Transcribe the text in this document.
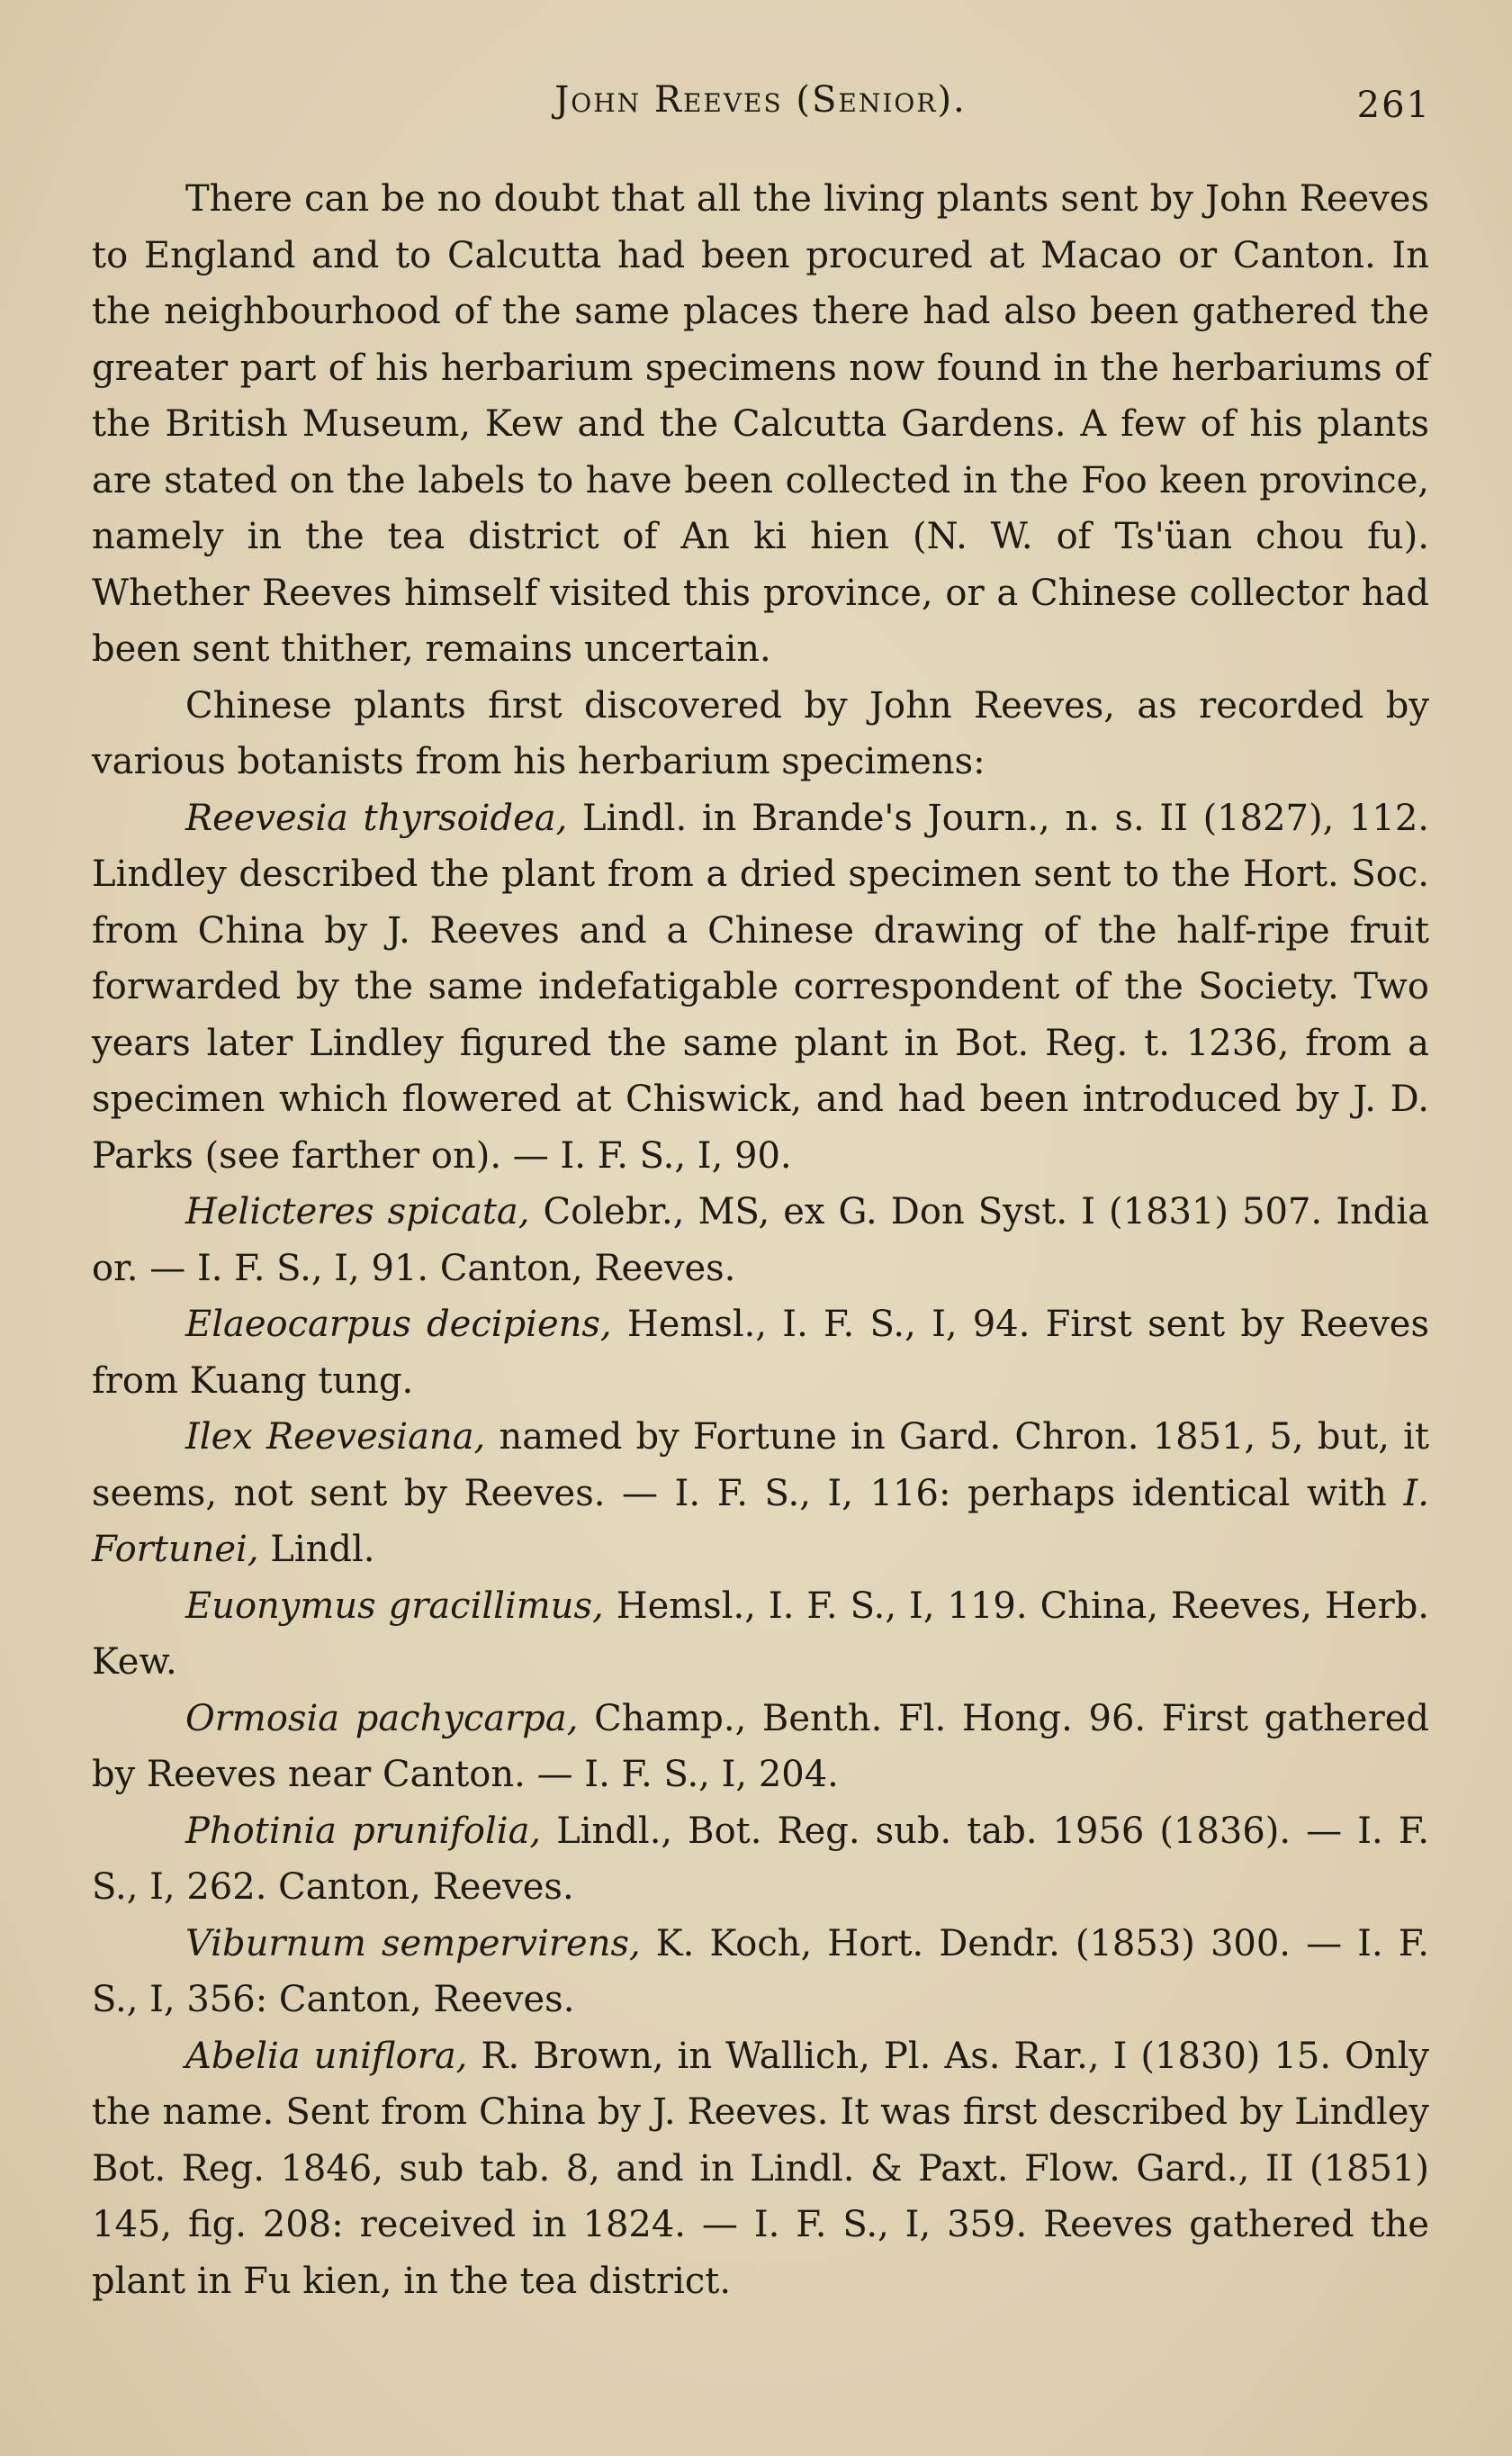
John Reeves (Senior).	261

There can be no doubt that all the living plants sent by John Reeves to England and to Calcutta had been procured at Macao or Canton. In the neighbourhood of the same places there had also been gathered the greater part of his herbarium specimens now found in the herbariums of the British Museum, Kew and the Calcutta Gardens. A few of his plants are stated on the labels to have been collected in the Foo keen province, namely in the tea district of An ki hien (N. W. of Ts'üan chou fu). Whether Reeves himself visited this province, or a Chinese collector had been sent thither, remains uncertain.

Chinese plants first discovered by John Reeves, as recorded by various botanists from his herbarium specimens:

Reevesia thyrsoidea, Lindl. in Brande's Journ., n. s. II (1827), 112. Lindley described the plant from a dried specimen sent to the Hort. Soc. from China by J. Reeves and a Chinese drawing of the half-ripe fruit forwarded by the same indefatigable correspondent of the Society. Two years later Lindley figured the same plant in Bot. Reg. t. 1236, from a specimen which flowered at Chiswick, and had been introduced by J. D. Parks (see farther on). — I. F. S., I, 90.

Helicteres spicata, Colebr., MS, ex G. Don Syst. I (1831) 507. India or. — I. F. S., I, 91. Canton, Reeves.

Elaeocarpus decipiens, Hemsl., I. F. S., I, 94. First sent by Reeves from Kuang tung.

Ilex Reevesiana, named by Fortune in Gard. Chron. 1851, 5, but, it seems, not sent by Reeves. — I. F. S., I, 116: perhaps identical with I. Fortunei, Lindl.

Euonymus gracillimus, Hemsl., I. F. S., I, 119. China, Reeves, Herb. Kew.

Ormosia pachycarpa, Champ., Benth. Fl. Hong. 96. First gathered by Reeves near Canton. — I. F. S., I, 204.

Photinia prunifolia, Lindl., Bot. Reg. sub. tab. 1956 (1836). — I. F. S., I, 262. Canton, Reeves.

Viburnum sempervirens, K. Koch, Hort. Dendr. (1853) 300. — I. F. S., I, 356: Canton, Reeves.

Abelia uniflora, R. Brown, in Wallich, Pl. As. Rar., I (1830) 15. Only the name. Sent from China by J. Reeves. It was first described by Lindley Bot. Reg. 1846, sub tab. 8, and in Lindl. & Paxt. Flow. Gard., II (1851) 145, fig. 208: received in 1824. — I. F. S., I, 359. Reeves gathered the plant in Fu kien, in the tea district.
